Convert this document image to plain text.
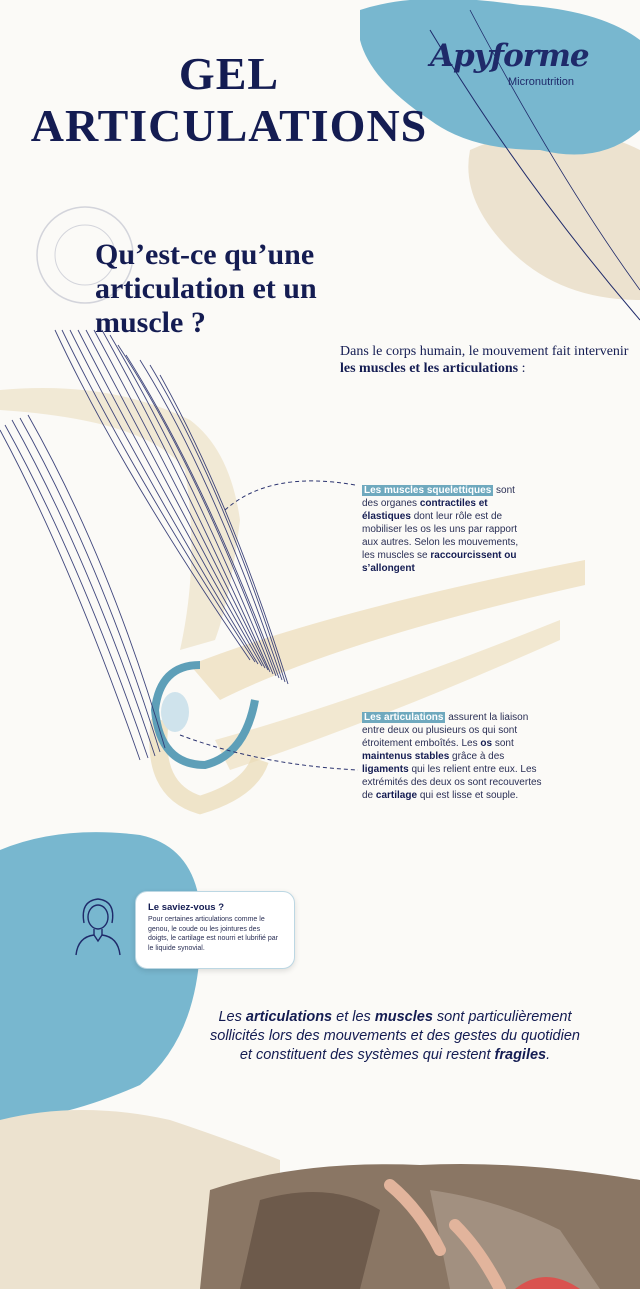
GEL
ARTICULATIONS
Apyforme
Micronutrition
Qu’est-ce qu’une articulation et un muscle ?
Dans le corps humain, le mouvement fait intervenir les muscles et les articulations :
Les muscles squelettiques sont des organes contractiles et élastiques dont leur rôle est de mobiliser les os les uns par rapport aux autres. Selon les mouvements, les muscles se raccourcissent ou s’allongent
Les articulations assurent la liaison entre deux ou plusieurs os qui sont étroitement emboîtés. Les os sont maintenus stables grâce à des ligaments qui les relient entre eux. Les extrémités des deux os sont recouvertes de cartilage qui est lisse et souple.
Le saviez-vous ?
Pour certaines articulations comme le genou, le coude ou les jointures des doigts, le cartilage est nourri et lubrifié par le liquide synovial.
Les articulations et les muscles sont particulièrement sollicités lors des mouvements et des gestes du quotidien et constituent des systèmes qui restent fragiles.
